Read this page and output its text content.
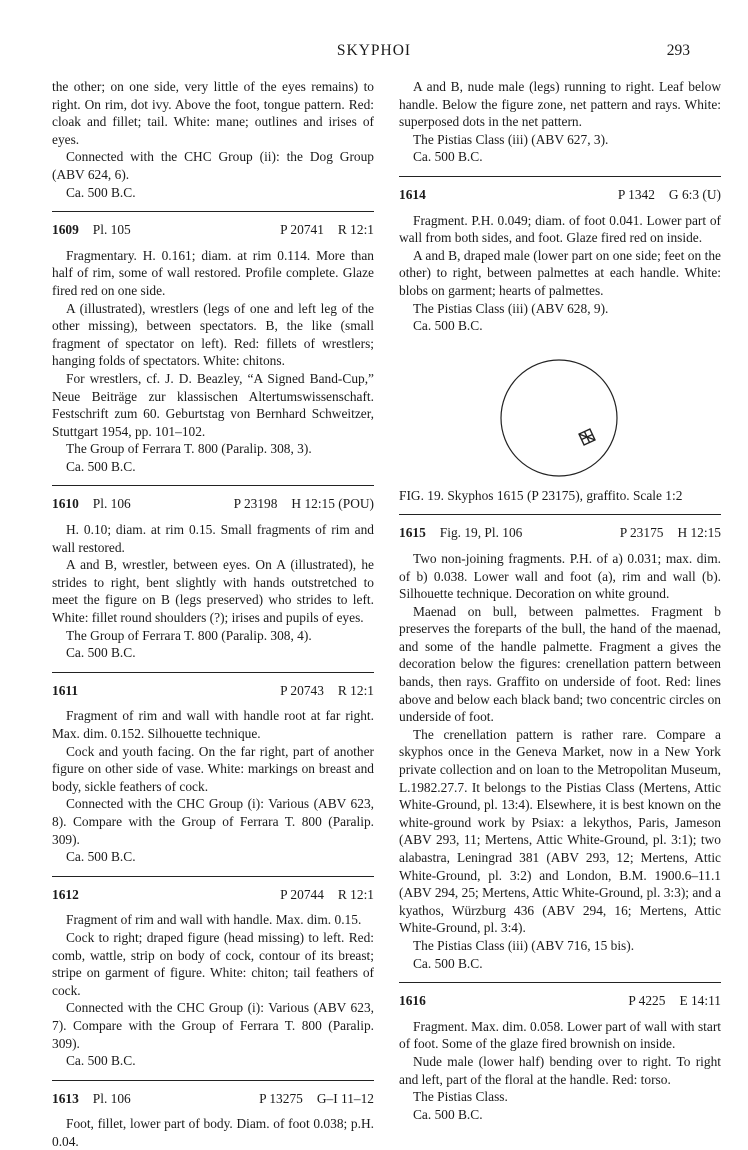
SKYPHOI	293

the other; on one side, very little of the eyes remains) to right. On rim, dot ivy. Above the foot, tongue pattern. Red: cloak and fillet; tail. White: mane; outlines and irises of eyes.

Connected with the CHC Group (ii): the Dog Group (ABV 624, 6).

Ca. 500 B.C.

1609 Pl. 105	P 20741 R 12:1

Fragmentary. H. 0.161; diam. at rim 0.114. More than half of rim, some of wall restored. Profile complete. Glaze fired red on one side.

A (illustrated), wrestlers (legs of one and left leg of the other missing), between spectators. B, the like (small fragment of spectator on left). Red: fillets of wrestlers; hanging folds of spectators. White: chitons.

For wrestlers, cf. J. D. Beazley, “A Signed Band-Cup,” Neue Beiträge zur klassischen Altertumswissenschaft. Festschrift zum 60. Geburtstag von Bernhard Schweitzer, Stuttgart 1954, pp. 101–102.

The Group of Ferrara T. 800 (Paralip. 308, 3).

Ca. 500 B.C.

1610 Pl. 106	P 23198 H 12:15 (POU)

H. 0.10; diam. at rim 0.15. Small fragments of rim and wall restored.

A and B, wrestler, between eyes. On A (illustrated), he strides to right, bent slightly with hands outstretched to meet the figure on B (legs preserved) who strides to left. White: fillet round shoulders (?); irises and pupils of eyes.

The Group of Ferrara T. 800 (Paralip. 308, 4).

Ca. 500 B.C.

1611	P 20743 R 12:1

Fragment of rim and wall with handle root at far right. Max. dim. 0.152. Silhouette technique.

Cock and youth facing. On the far right, part of another figure on other side of vase. White: markings on breast and body, sickle feathers of cock.

Connected with the CHC Group (i): Various (ABV 623, 8). Compare with the Group of Ferrara T. 800 (Paralip. 309).

Ca. 500 B.C.

1612	P 20744 R 12:1

Fragment of rim and wall with handle. Max. dim. 0.15.

Cock to right; draped figure (head missing) to left. Red: comb, wattle, strip on body of cock, contour of its breast; stripe on garment of figure. White: chiton; tail feathers of cock.

Connected with the CHC Group (i): Various (ABV 623, 7). Compare with the Group of Ferrara T. 800 (Paralip. 309).

Ca. 500 B.C.

1613 Pl. 106	P 13275 G–I 11–12

Foot, fillet, lower part of body. Diam. of foot 0.038; p.H. 0.04.

A and B, nude male (legs) running to right. Leaf below handle. Below the figure zone, net pattern and rays. White: superposed dots in the net pattern.

The Pistias Class (iii) (ABV 627, 3).

Ca. 500 B.C.

1614	P 1342 G 6:3 (U)

Fragment. P.H. 0.049; diam. of foot 0.041. Lower part of wall from both sides, and foot. Glaze fired red on inside.

A and B, draped male (lower part on one side; feet on the other) to right, between palmettes at each handle. White: blobs on garment; hearts of palmettes.

The Pistias Class (iii) (ABV 628, 9).

Ca. 500 B.C.

FIG. 19. Skyphos 1615 (P 23175), graffito. Scale 1:2

1615 Fig. 19, Pl. 106	P 23175 H 12:15

Two non-joining fragments. P.H. of a) 0.031; max. dim. of b) 0.038. Lower wall and foot (a), rim and wall (b). Silhouette technique. Decoration on white ground.

Maenad on bull, between palmettes. Fragment b preserves the foreparts of the bull, the hand of the maenad, and some of the handle palmette. Fragment a gives the decoration below the figures: crenellation pattern between bands, then rays. Graffito on underside of foot. Red: lines above and below each black band; two concentric circles on underside of foot.

The crenellation pattern is rather rare. Compare a skyphos once in the Geneva Market, now in a New York private collection and on loan to the Metropolitan Museum, L.1982.27.7. It belongs to the Pistias Class (Mertens, Attic White-Ground, pl. 13:4). Elsewhere, it is best known on the white-ground work by Psiax: a lekythos, Paris, Jameson (ABV 293, 11; Mertens, Attic White-Ground, pl. 3:1); two alabastra, Leningrad 381 (ABV 293, 12; Mertens, Attic White-Ground, pl. 3:2) and London, B.M. 1900.6–11.1 (ABV 294, 25; Mertens, Attic White-Ground, pl. 3:3); and a kyathos, Würzburg 436 (ABV 294, 16; Mertens, Attic White-Ground, pl. 3:4).

The Pistias Class (iii) (ABV 716, 15 bis).

Ca. 500 B.C.

1616	P 4225 E 14:11

Fragment. Max. dim. 0.058. Lower part of wall with start of foot. Some of the glaze fired brownish on inside.

Nude male (lower half) bending over to right. To right and left, part of the floral at the handle. Red: torso.

The Pistias Class.

Ca. 500 B.C.
